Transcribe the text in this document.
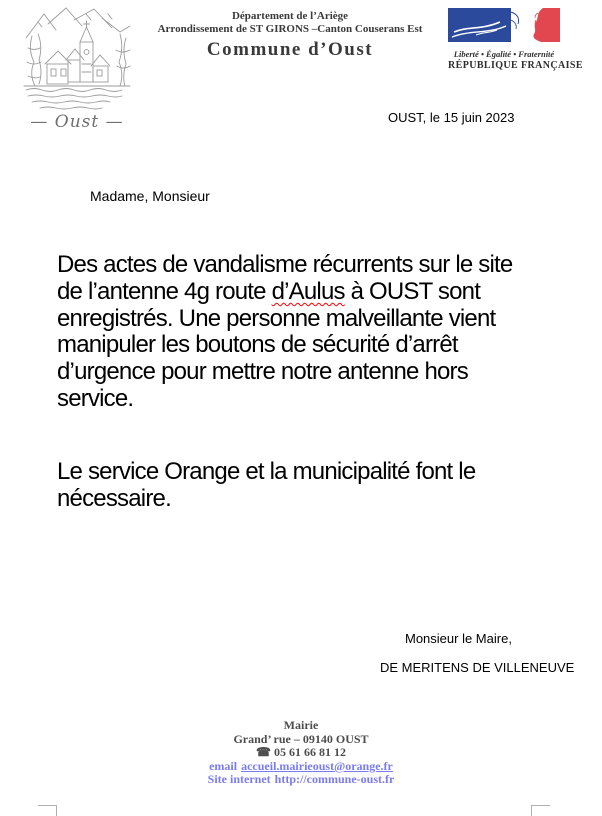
— Oust —
Département de l’Ariège
Arrondissement de ST GIRONS –Canton Couserans Est
Commune d’Oust	Liberté • Égalité • Fraternité
RÉPUBLIQUE FRANÇAISE
OUST, le 15 juin 2023
Madame, Monsieur
Des actes de vandalisme récurrents sur le site
de l’antenne 4g route d’Aulus à OUST sont
enregistrés. Une personne malveillante vient
manipuler les boutons de sécurité d’arrêt
d’urgence pour mettre notre antenne hors
service.
Le service Orange et la municipalité font le
nécessaire.
Monsieur le Maire,
DE MERITENS DE VILLENEUVE
Mairie
Grand’ rue – 09140 OUST
☎ 05 61 66 81 12
email accueil.mairieoust@orange.fr
Site internet http://commune-oust.fr
